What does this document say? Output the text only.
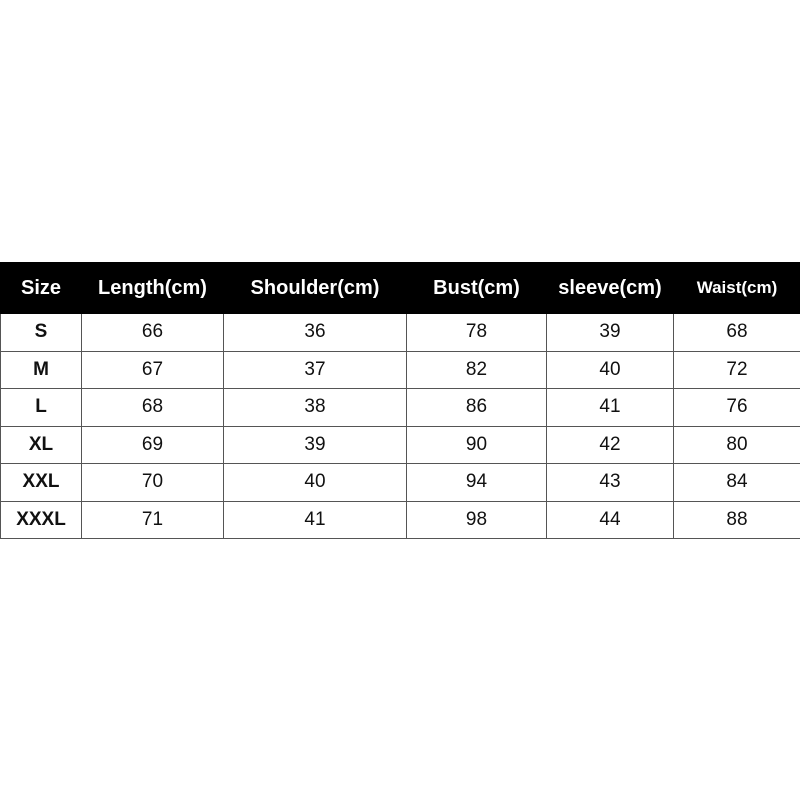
Size	Length(cm)	Shoulder(cm)	Bust(cm)	sleeve(cm)	Waist(cm)
S	66	36	78	39	68
M	67	37	82	40	72
L	68	38	86	41	76
XL	69	39	90	42	80
XXL	70	40	94	43	84
XXXL	71	41	98	44	88
